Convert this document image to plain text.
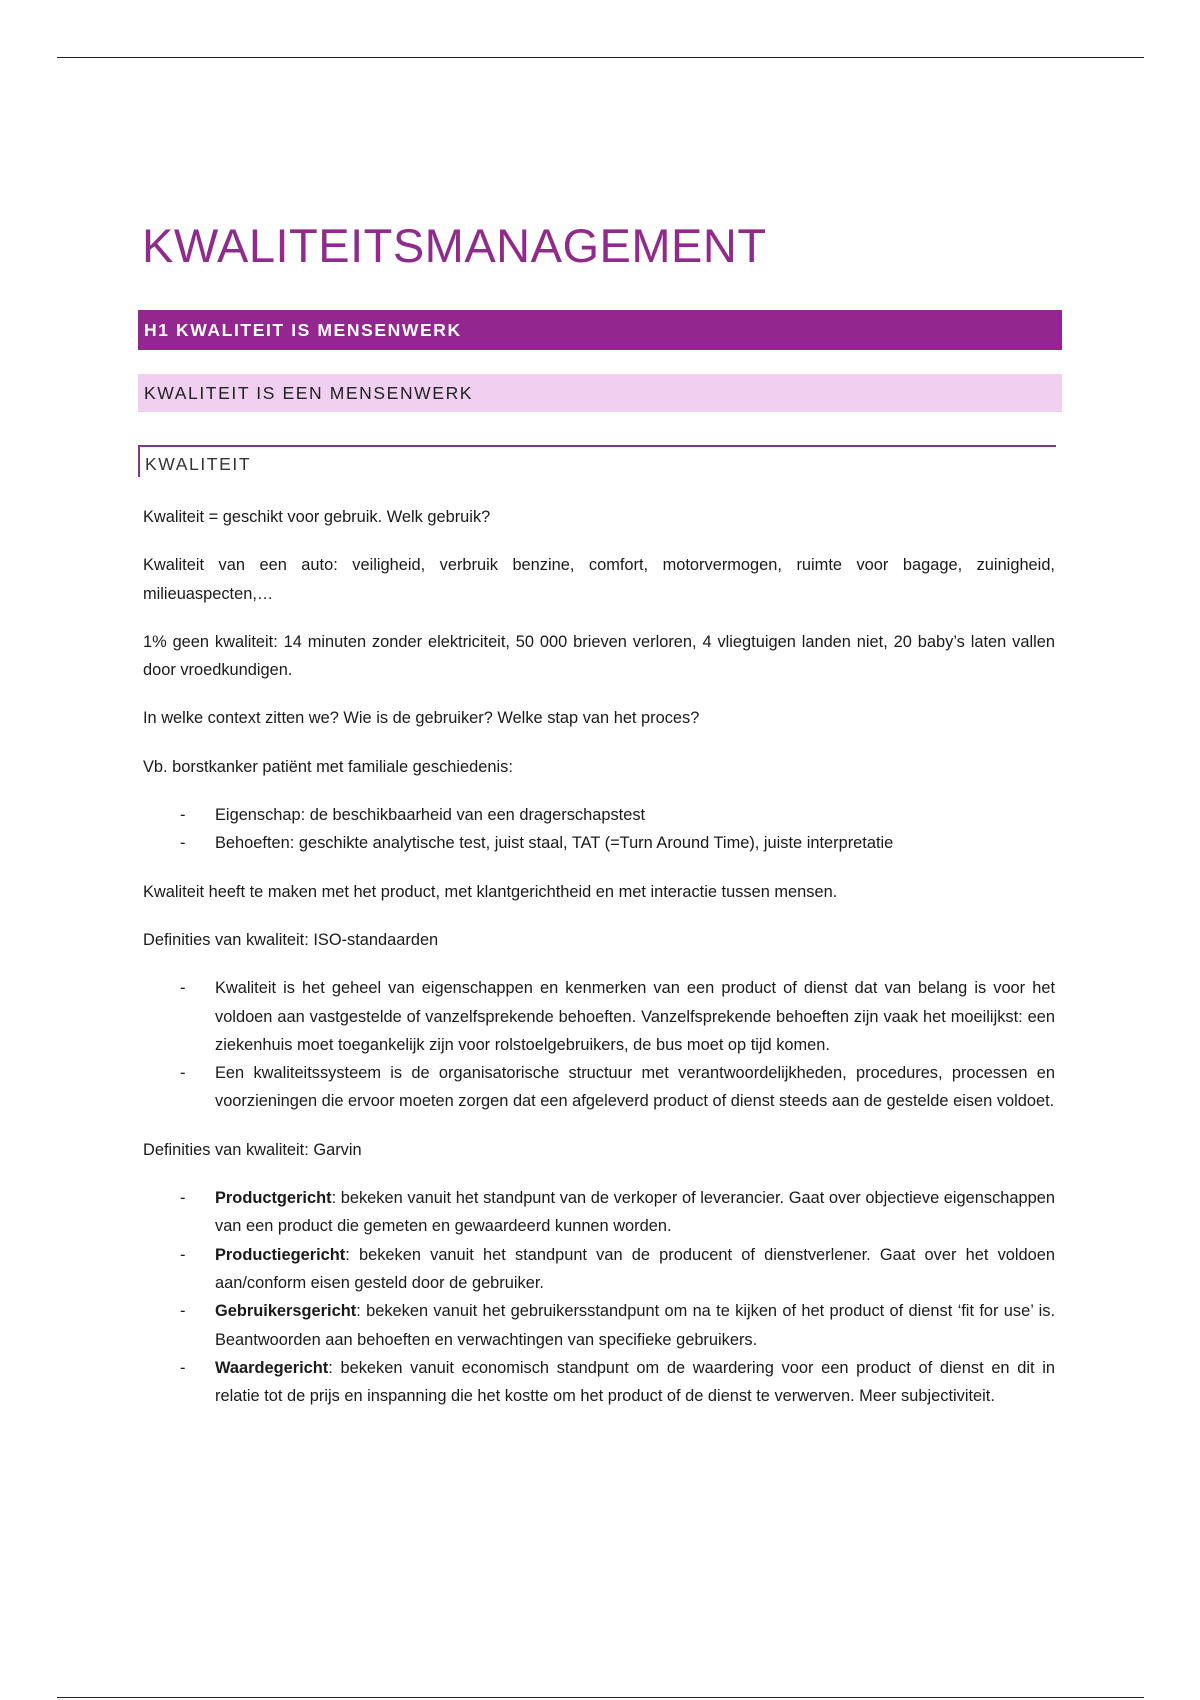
KWALITEITSMANAGEMENT
H1 KWALITEIT IS MENSENWERK
KWALITEIT IS EEN MENSENWERK
KWALITEIT

Kwaliteit = geschikt voor gebruik. Welk gebruik?

Kwaliteit van een auto: veiligheid, verbruik benzine, comfort, motorvermogen, ruimte voor bagage, zuinigheid, milieuaspecten,…

1% geen kwaliteit: 14 minuten zonder elektriciteit, 50 000 brieven verloren, 4 vliegtuigen landen niet, 20 baby’s laten vallen door vroedkundigen.

In welke context zitten we? Wie is de gebruiker? Welke stap van het proces?

Vb. borstkanker patiënt met familiale geschiedenis:

- Eigenschap: de beschikbaarheid van een dragerschapstest
- Behoeften: geschikte analytische test, juist staal, TAT (=Turn Around Time), juiste interpretatie

Kwaliteit heeft te maken met het product, met klantgerichtheid en met interactie tussen mensen.

Definities van kwaliteit: ISO-standaarden

- Kwaliteit is het geheel van eigenschappen en kenmerken van een product of dienst dat van belang is voor het voldoen aan vastgestelde of vanzelfsprekende behoeften. Vanzelfsprekende behoeften zijn vaak het moeilijkst: een ziekenhuis moet toegankelijk zijn voor rolstoelgebruikers, de bus moet op tijd komen.
- Een kwaliteitssysteem is de organisatorische structuur met verantwoordelijkheden, procedures, processen en voorzieningen die ervoor moeten zorgen dat een afgeleverd product of dienst steeds aan de gestelde eisen voldoet.

Definities van kwaliteit: Garvin

- Productgericht: bekeken vanuit het standpunt van de verkoper of leverancier. Gaat over objectieve eigenschappen van een product die gemeten en gewaardeerd kunnen worden.
- Productiegericht: bekeken vanuit het standpunt van de producent of dienstverlener. Gaat over het voldoen aan/conform eisen gesteld door de gebruiker.
- Gebruikersgericht: bekeken vanuit het gebruikersstandpunt om na te kijken of het product of dienst ‘fit for use’ is. Beantwoorden aan behoeften en verwachtingen van specifieke gebruikers.
- Waardegericht: bekeken vanuit economisch standpunt om de waardering voor een product of dienst en dit in relatie tot de prijs en inspanning die het kostte om het product of de dienst te verwerven. Meer subjectiviteit.
